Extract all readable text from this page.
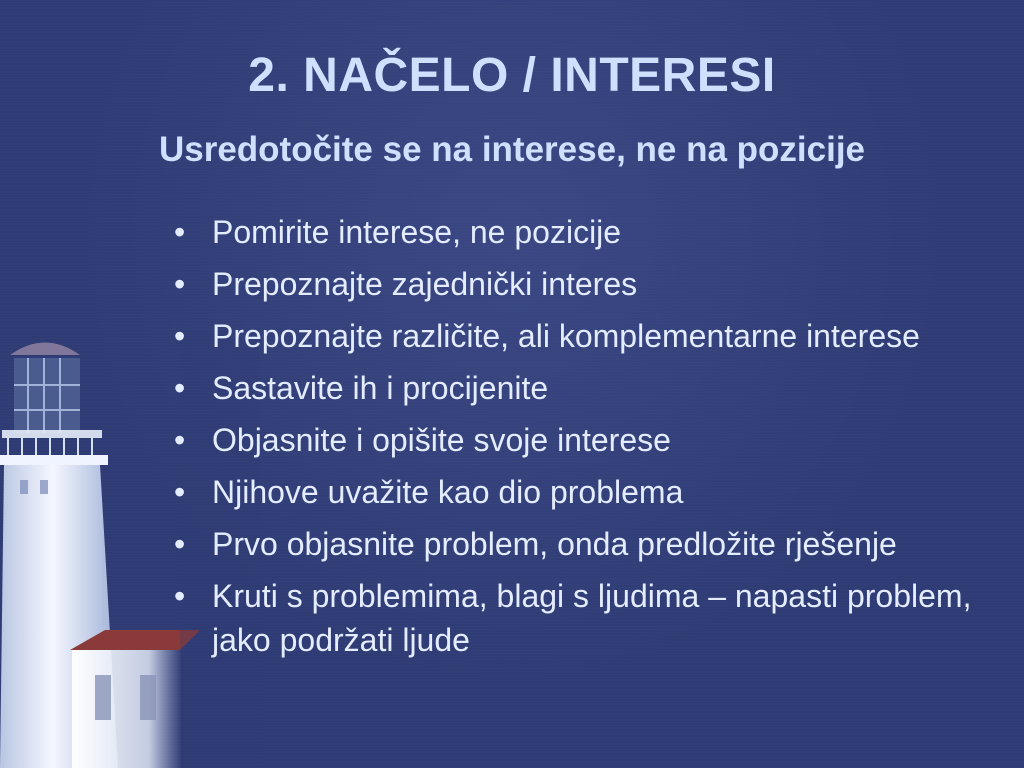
2. NAČELO / INTERESI
Usredotočite se na interese, ne na pozicije
• Pomirite interese, ne pozicije
• Prepoznajte zajednički interes
• Prepoznajte različite, ali komplementarne interese
• Sastavite ih i procijenite
• Objasnite i opišite svoje interese
• Njihove uvažite kao dio problema
• Prvo objasnite problem, onda predložite rješenje
• Kruti s problemima, blagi s ljudima – napasti problem, jako podržati ljude
